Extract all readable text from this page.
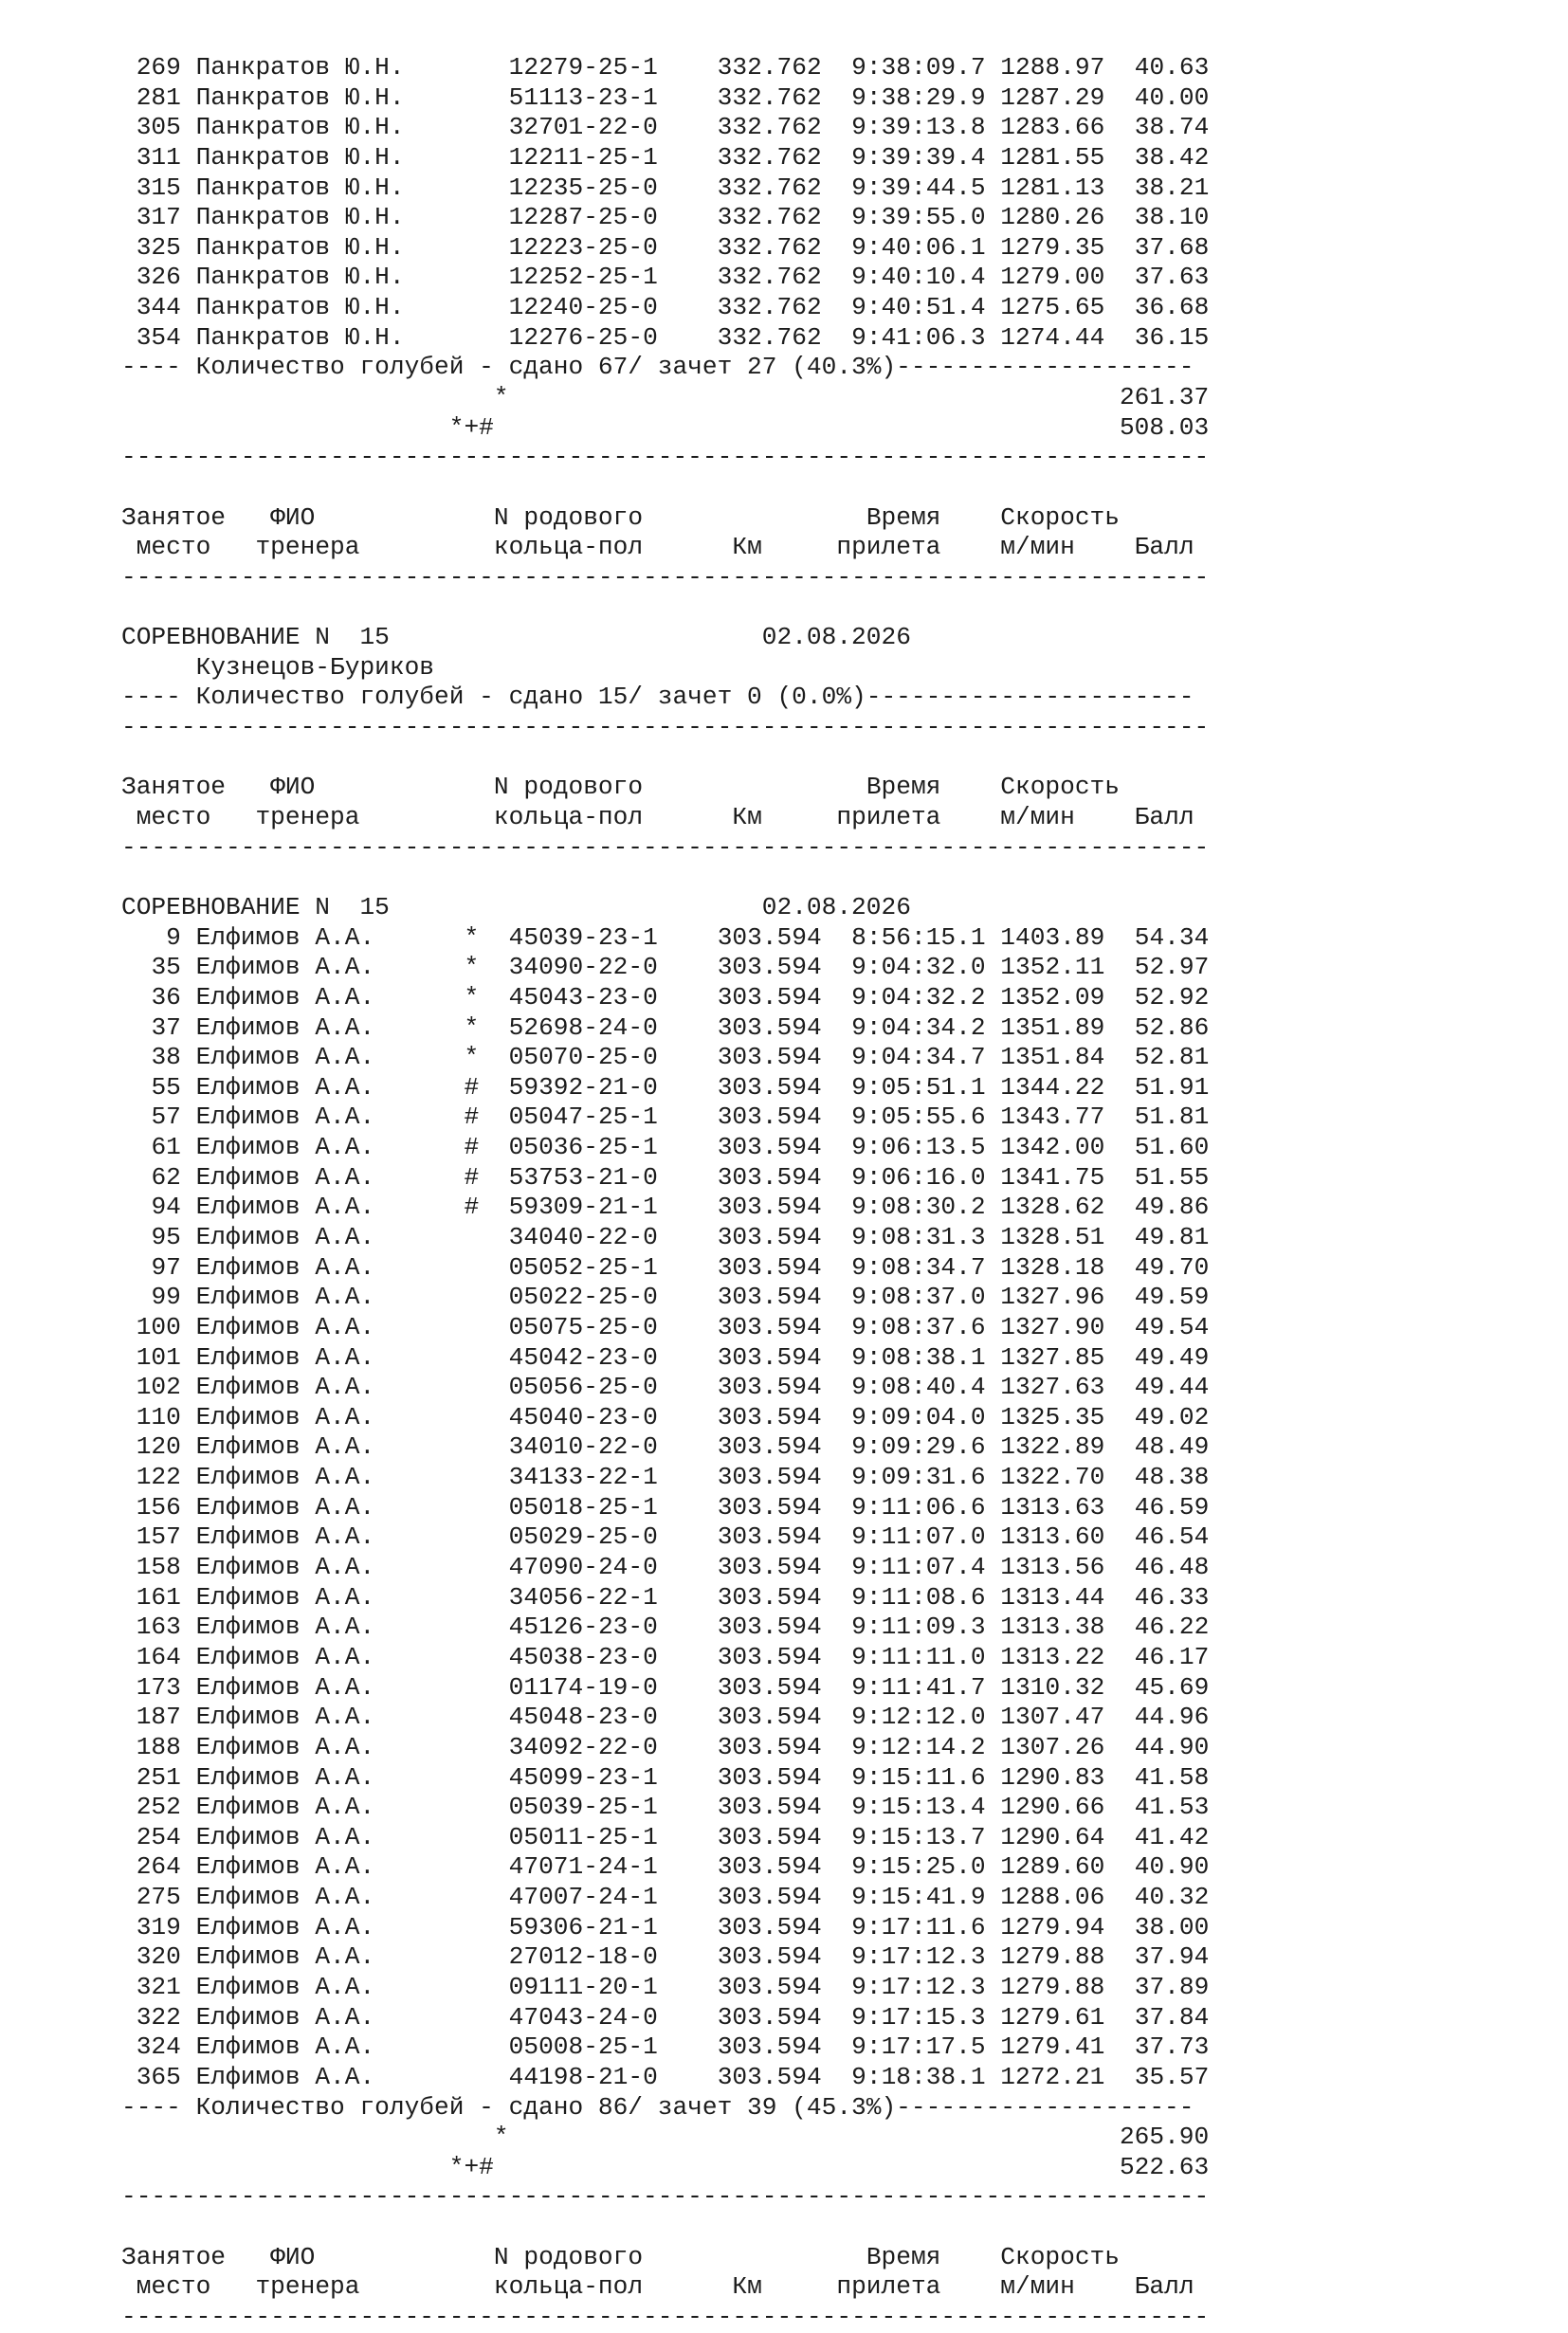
269 Панкратов Ю.Н.	12279-25-1 332.762 9:38:09.7 1288.97 40.63
281 Панкратов Ю.Н.	51113-23-1 332.762 9:38:29.9 1287.29 40.00
305 Панкратов Ю.Н.	32701-22-0 332.762 9:39:13.8 1283.66 38.74
311 Панкратов Ю.Н.	12211-25-1 332.762 9:39:39.4 1281.55 38.42
315 Панкратов Ю.Н.	12235-25-0 332.762 9:39:44.5 1281.13 38.21
317 Панкратов Ю.Н.	12287-25-0 332.762 9:39:55.0 1280.26 38.10
325 Панкратов Ю.Н.	12223-25-0 332.762 9:40:06.1 1279.35 37.68
326 Панкратов Ю.Н.	12252-25-1 332.762 9:40:10.4 1279.00 37.63
344 Панкратов Ю.Н.	12240-25-0 332.762 9:40:51.4 1275.65 36.68
354 Панкратов Ю.Н.	12276-25-0 332.762 9:41:06.3 1274.44 36.15
---- Количество голубей - сдано 67/ зачет 27 (40.3%)--------------------
*	261.37
*+#	508.03
-------------------------------------------------------------------------
Занятое ФИО	N родового	Время Скорость
место тренера	кольца-пол	Км	прилета м/мин Балл
-------------------------------------------------------------------------
СОРЕВНОВАНИЕ N  15	02.08.2026
Кузнецов-Буриков
---- Количество голубей - сдано 15/ зачет 0 (0.0%)----------------------
-------------------------------------------------------------------------
Занятое ФИО	N родового	Время Скорость
место тренера	кольца-пол	Км	прилета м/мин Балл
-------------------------------------------------------------------------
СОРЕВНОВАНИЕ N  15	02.08.2026
9 Елфимов А.А.	* 45039-23-1 303.594 8:56:15.1 1403.89 54.34
35 Елфимов А.А.	* 34090-22-0 303.594 9:04:32.0 1352.11 52.97
36 Елфимов А.А.	* 45043-23-0 303.594 9:04:32.2 1352.09 52.92
37 Елфимов А.А.	* 52698-24-0 303.594 9:04:34.2 1351.89 52.86
38 Елфимов А.А.	* 05070-25-0 303.594 9:04:34.7 1351.84 52.81
55 Елфимов А.А.	# 59392-21-0 303.594 9:05:51.1 1344.22 51.91
57 Елфимов А.А.	# 05047-25-1 303.594 9:05:55.6 1343.77 51.81
61 Елфимов А.А.	# 05036-25-1 303.594 9:06:13.5 1342.00 51.60
62 Елфимов А.А.	# 53753-21-0 303.594 9:06:16.0 1341.75 51.55
94 Елфимов А.А.	# 59309-21-1 303.594 9:08:30.2 1328.62 49.86
95 Елфимов А.А.	34040-22-0 303.594 9:08:31.3 1328.51 49.81
97 Елфимов А.А.	05052-25-1 303.594 9:08:34.7 1328.18 49.70
99 Елфимов А.А.	05022-25-0 303.594 9:08:37.0 1327.96 49.59
100 Елфимов А.А.	05075-25-0 303.594 9:08:37.6 1327.90 49.54
101 Елфимов А.А.	45042-23-0 303.594 9:08:38.1 1327.85 49.49
102 Елфимов А.А.	05056-25-0 303.594 9:08:40.4 1327.63 49.44
110 Елфимов А.А.	45040-23-0 303.594 9:09:04.0 1325.35 49.02
120 Елфимов А.А.	34010-22-0 303.594 9:09:29.6 1322.89 48.49
122 Елфимов А.А.	34133-22-1 303.594 9:09:31.6 1322.70 48.38
156 Елфимов А.А.	05018-25-1 303.594 9:11:06.6 1313.63 46.59
157 Елфимов А.А.	05029-25-0 303.594 9:11:07.0 1313.60 46.54
158 Елфимов А.А.	47090-24-0 303.594 9:11:07.4 1313.56 46.48
161 Елфимов А.А.	34056-22-1 303.594 9:11:08.6 1313.44 46.33
163 Елфимов А.А.	45126-23-0 303.594 9:11:09.3 1313.38 46.22
164 Елфимов А.А.	45038-23-0 303.594 9:11:11.0 1313.22 46.17
173 Елфимов А.А.	01174-19-0 303.594 9:11:41.7 1310.32 45.69
187 Елфимов А.А.	45048-23-0 303.594 9:12:12.0 1307.47 44.96
188 Елфимов А.А.	34092-22-0 303.594 9:12:14.2 1307.26 44.90
251 Елфимов А.А.	45099-23-1 303.594 9:15:11.6 1290.83 41.58
252 Елфимов А.А.	05039-25-1 303.594 9:15:13.4 1290.66 41.53
254 Елфимов А.А.	05011-25-1 303.594 9:15:13.7 1290.64 41.42
264 Елфимов А.А.	47071-24-1 303.594 9:15:25.0 1289.60 40.90
275 Елфимов А.А.	47007-24-1 303.594 9:15:41.9 1288.06 40.32
319 Елфимов А.А.	59306-21-1 303.594 9:17:11.6 1279.94 38.00
320 Елфимов А.А.	27012-18-0 303.594 9:17:12.3 1279.88 37.94
321 Елфимов А.А.	09111-20-1 303.594 9:17:12.3 1279.88 37.89
322 Елфимов А.А.	47043-24-0 303.594 9:17:15.3 1279.61 37.84
324 Елфимов А.А.	05008-25-1 303.594 9:17:17.5 1279.41 37.73
365 Елфимов А.А.	44198-21-0 303.594 9:18:38.1 1272.21 35.57
---- Количество голубей - сдано 86/ зачет 39 (45.3%)--------------------
*	265.90
*+#	522.63
-------------------------------------------------------------------------
Занятое ФИО	N родового	Время Скорость
место тренера	кольца-пол	Км	прилета м/мин Балл
-------------------------------------------------------------------------
